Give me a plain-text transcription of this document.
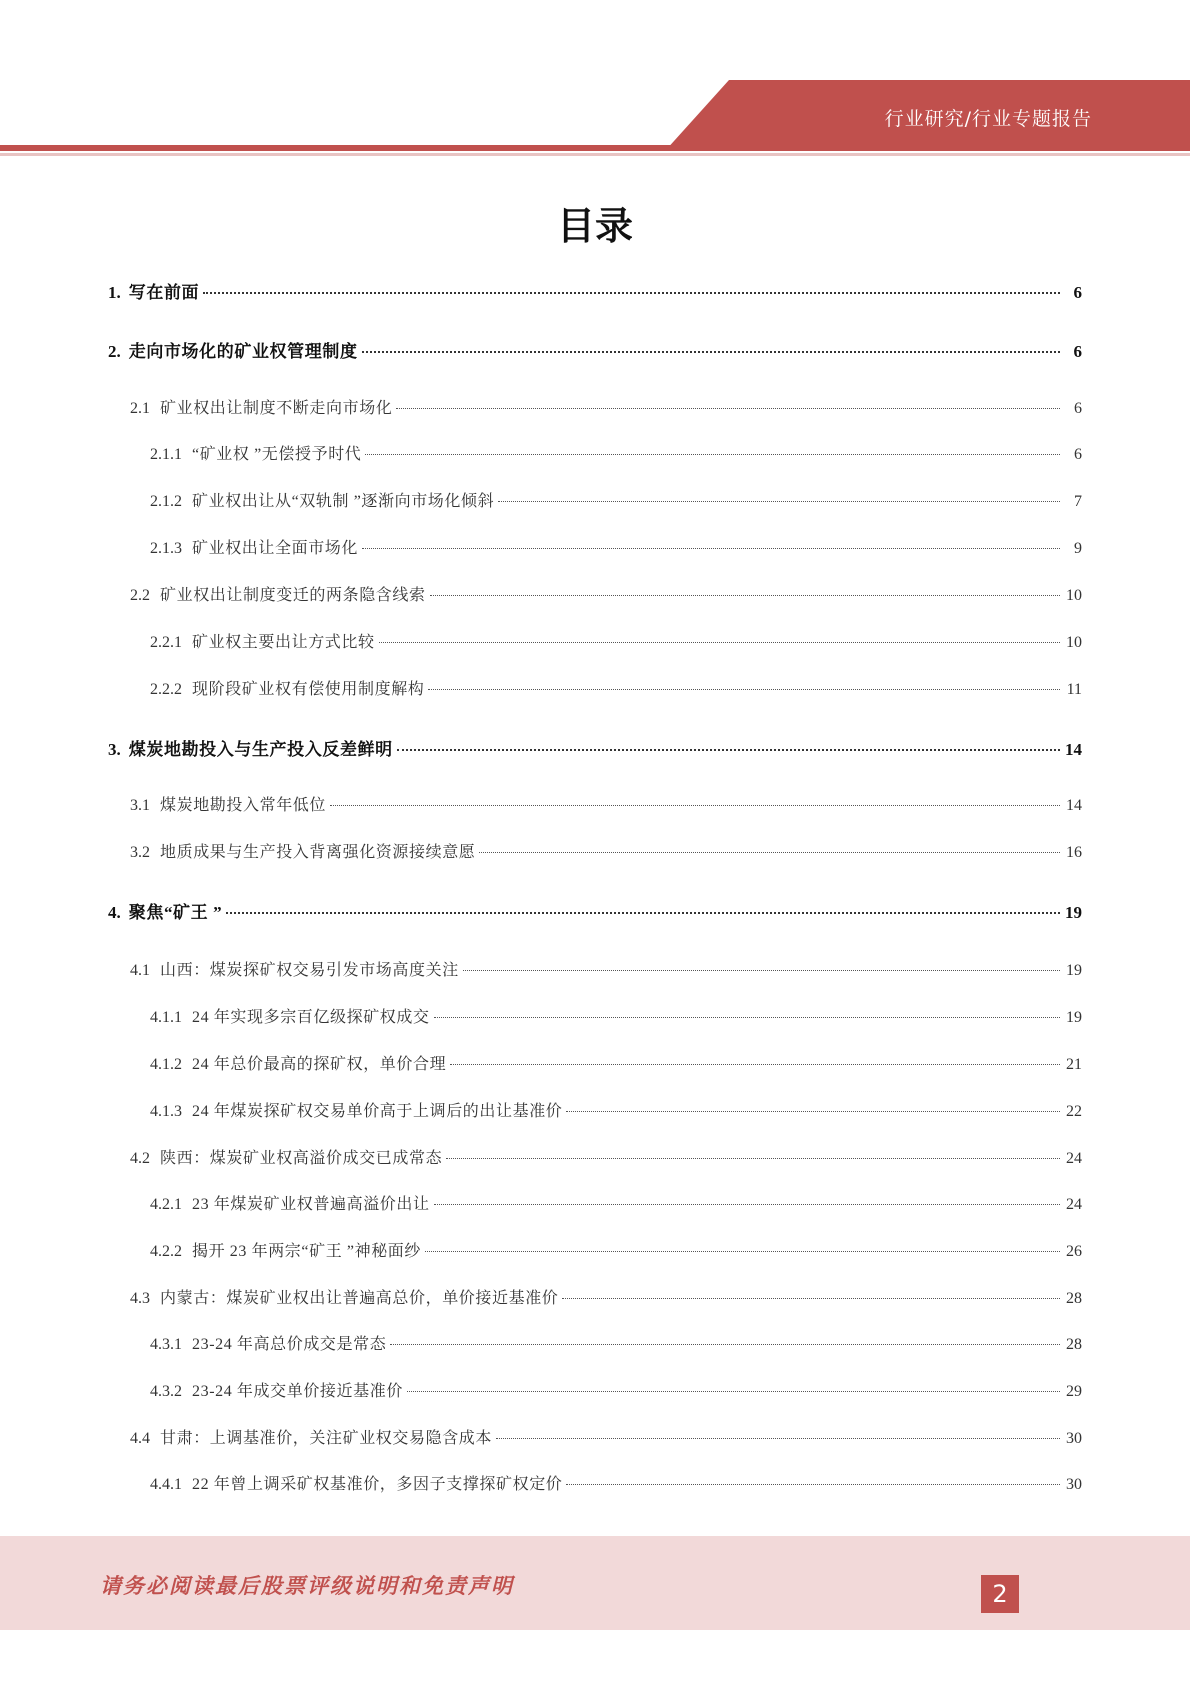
行业研究/行业专题报告
目录
1. 写在前面	6
2. 走向市场化的矿业权管理制度	6
2.1 矿业权出让制度不断走向市场化	6
2.1.1 “矿业权 ”无偿授予时代	6
2.1.2 矿业权出让从“双轨制 ”逐渐向市场化倾斜	7
2.1.3 矿业权出让全面市场化	9
2.2 矿业权出让制度变迁的两条隐含线索	10
2.2.1 矿业权主要出让方式比较	10
2.2.2 现阶段矿业权有偿使用制度解构	11
3. 煤炭地勘投入与生产投入反差鲜明	14
3.1 煤炭地勘投入常年低位	14
3.2 地质成果与生产投入背离强化资源接续意愿	16
4. 聚焦“矿王 ”	19
4.1 山西：煤炭探矿权交易引发市场高度关注	19
4.1.1 24 年实现多宗百亿级探矿权成交	19
4.1.2 24 年总价最高的探矿权，单价合理	21
4.1.3 24 年煤炭探矿权交易单价高于上调后的出让基准价	22
4.2 陕西：煤炭矿业权高溢价成交已成常态	24
4.2.1 23 年煤炭矿业权普遍高溢价出让	24
4.2.2 揭开 23 年两宗“矿王 ”神秘面纱	26
4.3 内蒙古：煤炭矿业权出让普遍高总价，单价接近基准价	28
4.3.1 23-24 年高总价成交是常态	28
4.3.2 23-24 年成交单价接近基准价	29
4.4 甘肃：上调基准价，关注矿业权交易隐含成本	30
4.4.1 22 年曾上调采矿权基准价，多因子支撑探矿权定价	30
请务必阅读最后股票评级说明和免责声明	2
